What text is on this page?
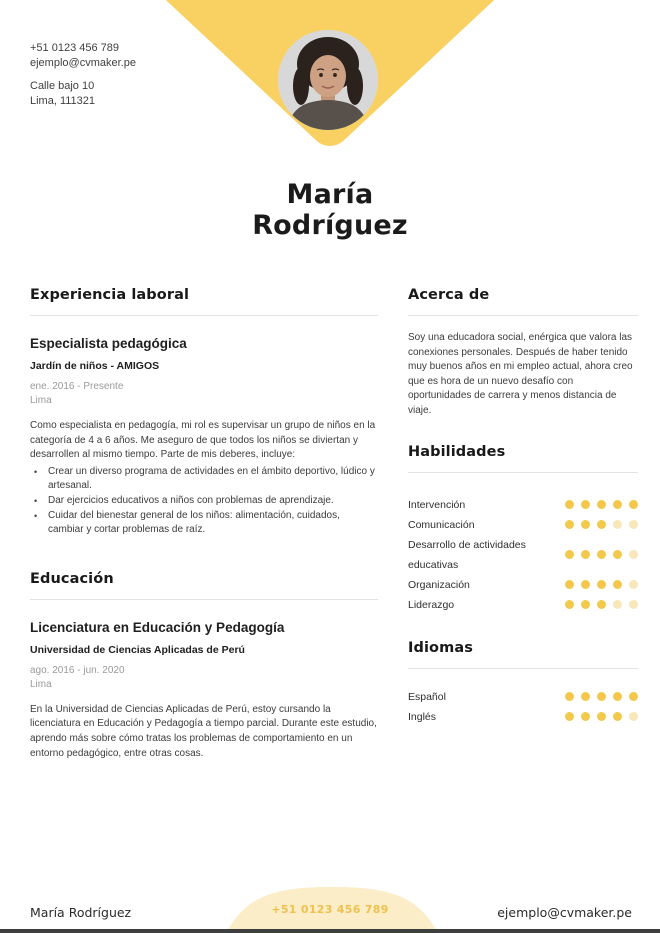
+51 0123 456 789
ejemplo@cvmaker.pe
Calle bajo 10
Lima, 111321
María
Rodríguez
Experiencia laboral
Especialista pedagógica
Jardín de niños - AMIGOS
ene. 2016 - Presente
Lima
Como especialista en pedagogía, mi rol es supervisar un grupo de niños en la categoría de 4 a 6 años. Me aseguro de que todos los niños se diviertan y desarrollen al mismo tiempo. Parte de mis deberes, incluye:
•	Crear un diverso programa de actividades en el ámbito deportivo, lúdico y artesanal.
•	Dar ejercicios educativos a niños con problemas de aprendizaje.
•	Cuidar del bienestar general de los niños: alimentación, cuidados, cambiar y cortar problemas de raíz.
Educación
Licenciatura en Educación y Pedagogía
Universidad de Ciencias Aplicadas de Perú
ago. 2016 - jun. 2020
Lima
En la Universidad de Ciencias Aplicadas de Perú, estoy cursando la licenciatura en Educación y Pedagogía a tiempo parcial. Durante este estudio, aprendo más sobre cómo tratas los problemas de comportamiento en un entorno pedagógico, entre otras cosas.
Acerca de
Soy una educadora social, enérgica que valora las conexiones personales. Después de haber tenido muy buenos años en mi empleo actual, ahora creo que es hora de un nuevo desafío con oportunidades de carrera y menos distancia de viaje.
Habilidades
Intervención
Comunicación
Desarrollo de actividades educativas
Organización
Liderazgo
Idiomas
Español
Inglés
+51 0123 456 789
María Rodríguez	ejemplo@cvmaker.pe
